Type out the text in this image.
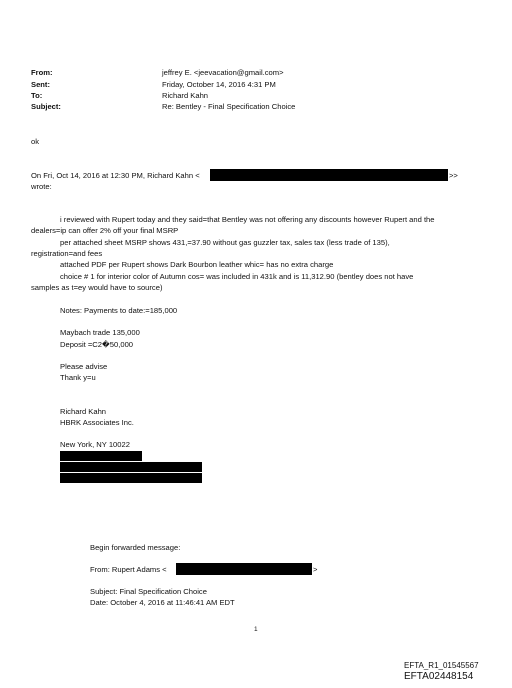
From:
Sent:
To:
Subject:
jeffrey E. <jeevacation@gmail.com>
Friday, October 14, 2016 4:31 PM
Richard Kahn
Re: Bentley - Final Specification Choice
ok
On Fri, Oct 14, 2016 at 12:30 PM, Richard Kahn <	>>
wrote:
i reviewed with Rupert today and they said=that Bentley was not offering any discounts however Rupert and the
dealers=ip can offer 2% off your final MSRP
per attached sheet MSRP shows 431,=37.90 without gas guzzler tax, sales tax (less trade of 135),
registration=and fees
attached PDF per Rupert shows Dark Bourbon leather whic= has no extra charge
choice # 1 for interior color of Autumn cos= was included in 431k and is 11,312.90 (bentley does not have
samples as t=ey would have to source)
Notes: Payments to date:=185,000
Maybach trade 135,000
Deposit =C2�50,000
Please advise
Thank y=u
Richard Kahn
HBRK Associates Inc.
New York, NY 10022
Begin forwarded message:
From: Rupert Adams <	>
Subject: Final Specification Choice
Date: October 4, 2016 at 11:46:41 AM EDT
1
EFTA_R1_01545567
EFTA02448154
